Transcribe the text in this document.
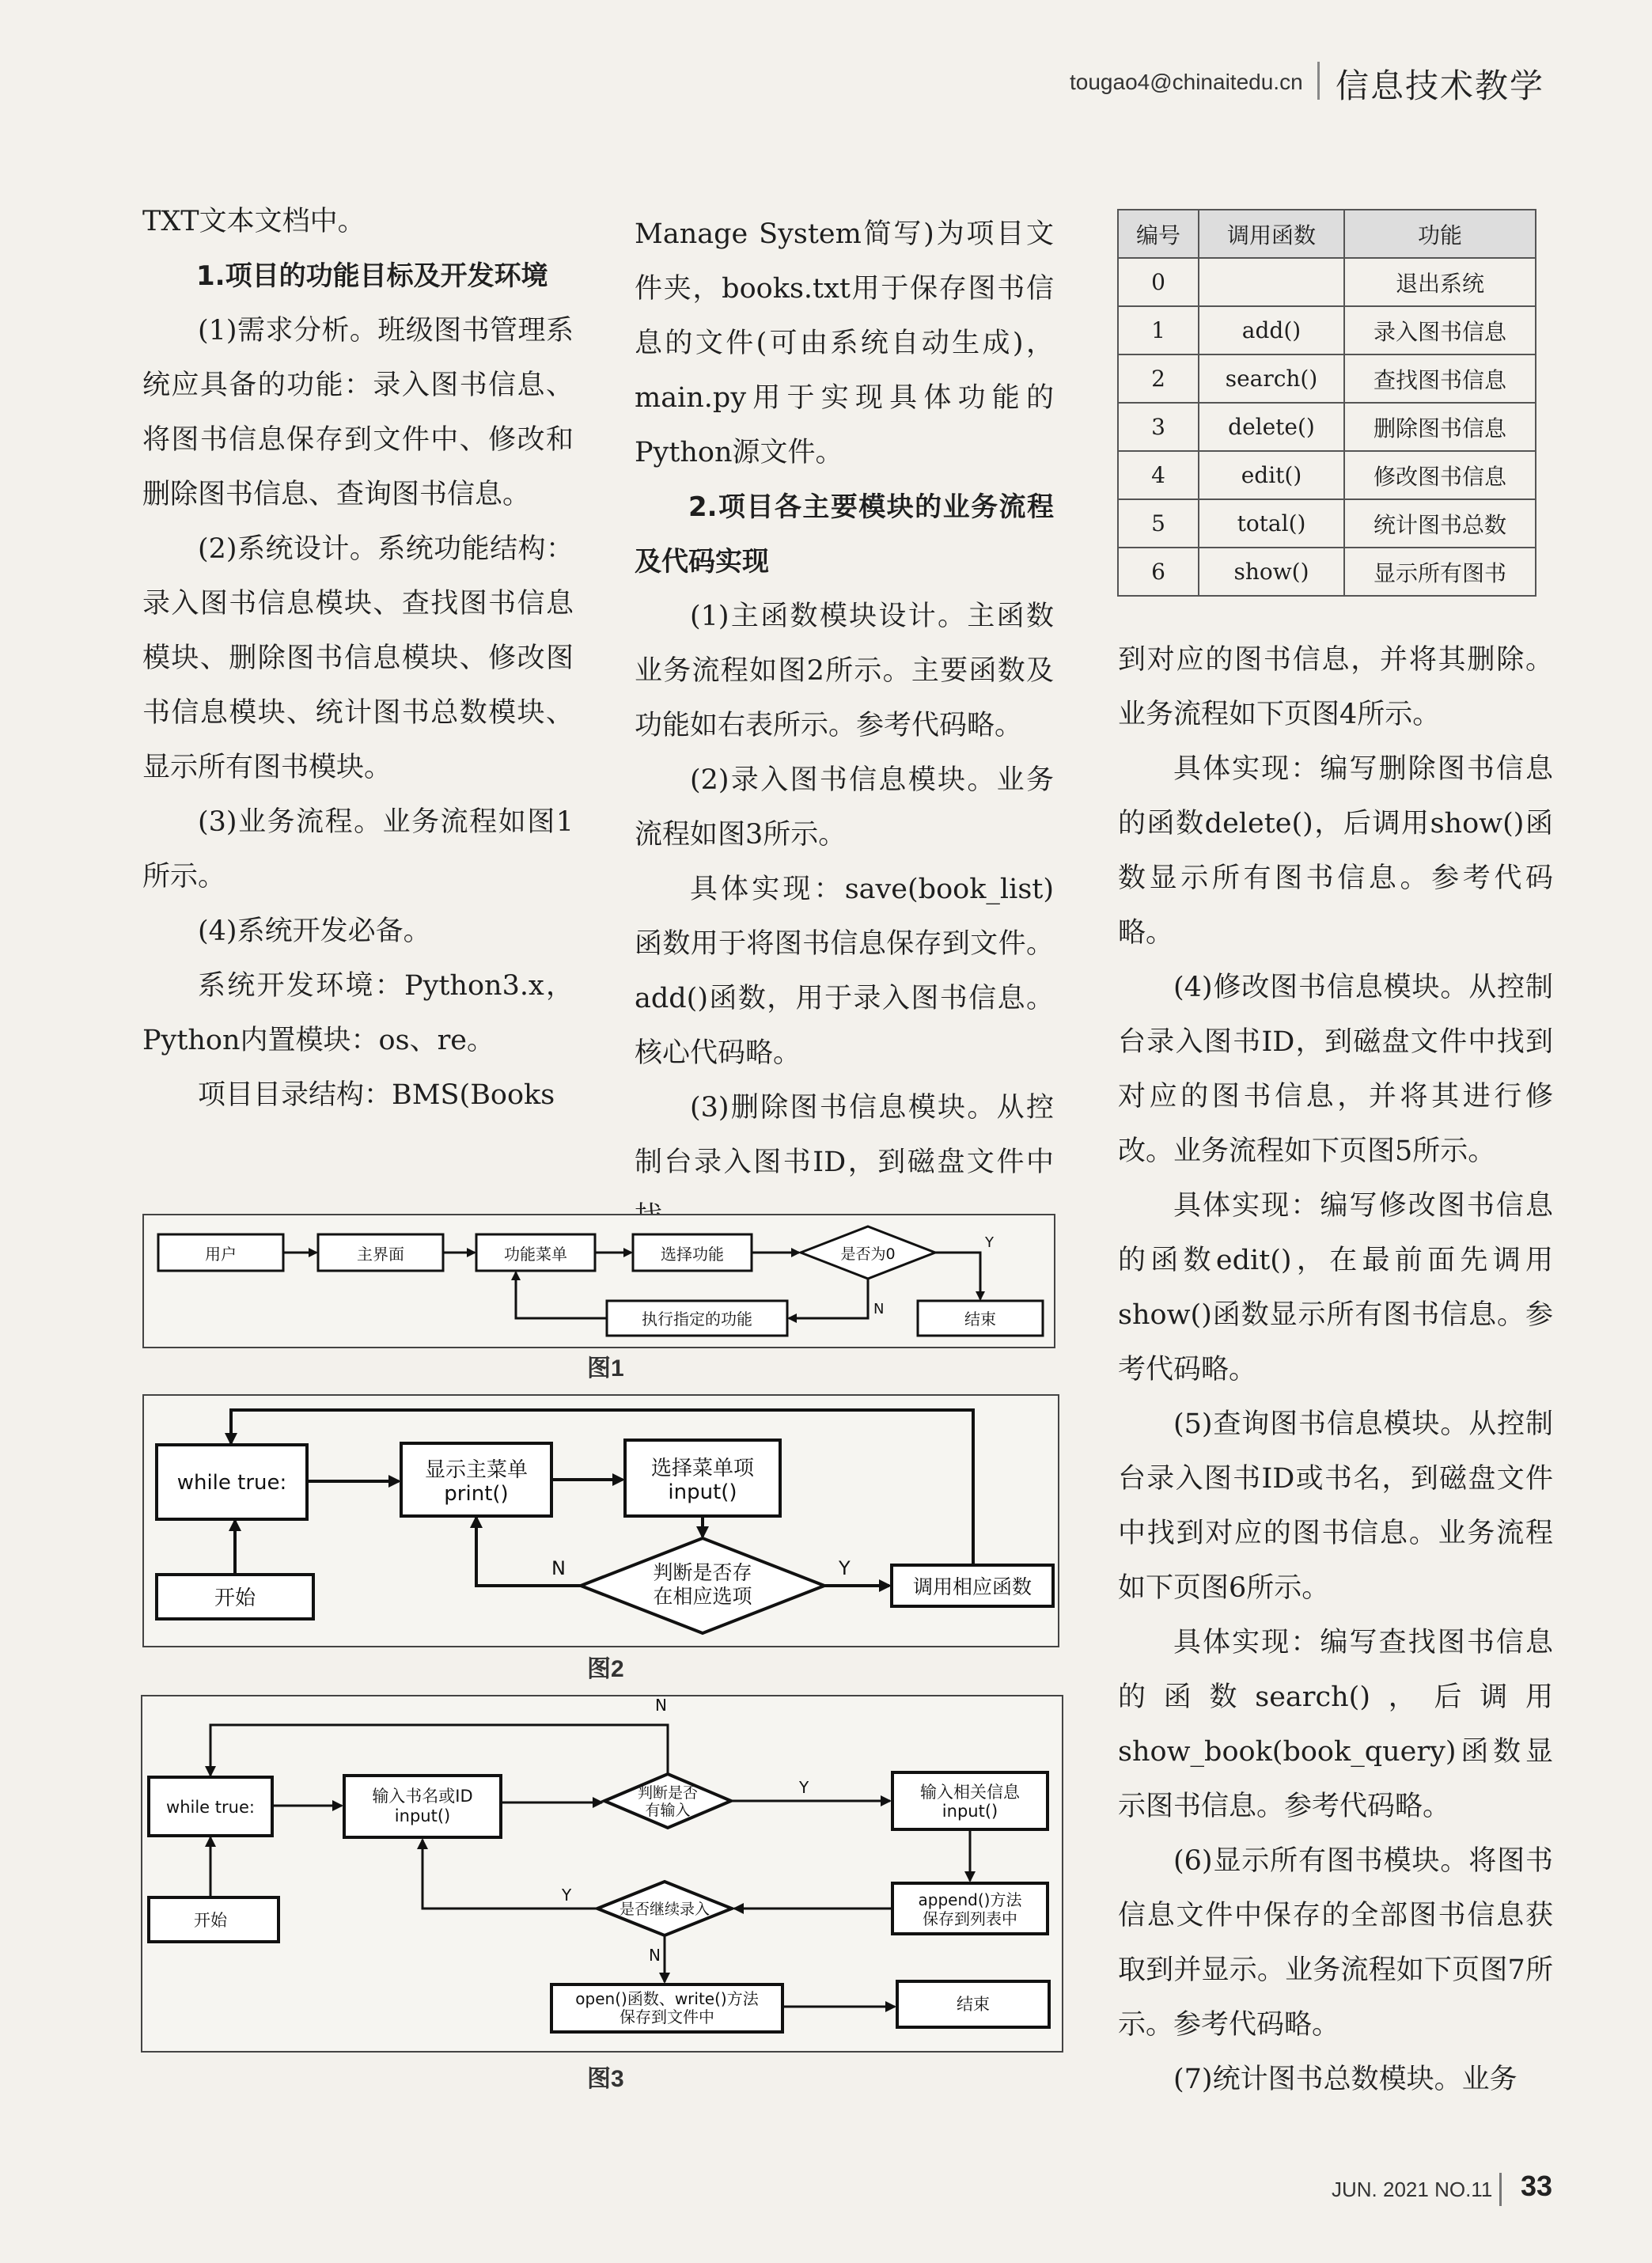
tougao4@chinaitedu.cn 信息技术教学

TXT文本文档中。

1.项目的功能目标及开发环境

(1)需求分析。班级图书管理系统应具备的功能：录入图书信息、将图书信息保存到文件中、修改和删除图书信息、查询图书信息。

(2)系统设计。系统功能结构：录入图书信息模块、查找图书信息模块、删除图书信息模块、修改图书信息模块、统计图书总数模块、显示所有图书模块。

(3)业务流程。业务流程如图1所示。

(4)系统开发必备。

系统开发环境：Python3.x，Python内置模块：os、re。

项目目录结构：BMS(Books

Manage System简写)为项目文件夹，books.txt用于保存图书信息的文件(可由系统自动生成)，main.py用于实现具体功能的Python源文件。

2.项目各主要模块的业务流程及代码实现

(1)主函数模块设计。主函数业务流程如图2所示。主要函数及功能如右表所示。参考代码略。

(2)录入图书信息模块。业务流程如图3所示。

具体实现：save(book_list)函数用于将图书信息保存到文件。add()函数，用于录入图书信息。核心代码略。

(3)删除图书信息模块。从控制台录入图书ID，到磁盘文件中

编号	调用函数	功能
0		退出系统
1	add()	录入图书信息
2	search()	查找图书信息
3	delete()	删除图书信息
4	edit()	修改图书信息
5	total()	统计图书总数
6	show()	显示所有图书

到对应的图书信息，并将其删除。业务流程如下页图4所示。

具体实现：编写删除图书信息的函数delete()，后调用show()函数显示所有图书信息。参考代码略。

(4)修改图书信息模块。从控制台录入图书ID，到磁盘文件中找到对应的图书信息，并将其进行修改。业务流程如下页图5所示。

具体实现：编写修改图书信息的函数edit()，在最前面先调用show()函数显示所有图书信息。参考代码略。

(5)查询图书信息模块。从控制台录入图书ID或书名，到磁盘文件中找到对应的图书信息。业务流程如下页图6所示。

具体实现：编写查找图书信息的函数search()，后调用show_book(book_query)函数显示图书信息。参考代码略。

(6)显示所有图书模块。将图书信息文件中保存的全部图书信息获取到并显示。业务流程如下页图7所示。参考代码略。

(7)统计图书总数模块。业务

用户	主界面	功能菜单	选择功能	是否为0
结束
执行指定的功能
Y
N
图1
while true:
开始
显示主菜单
print()
选择菜单项
input()
判断是否存
在相应选项	调用相应函数
N	Y
图2
while true:
开始
输入书名或ID
input()
判断是否
有输入
输入相关信息
input()
append()方法
保存到列表中
是否继续录入
open()函数、write()方法
保存到文件中
结束
N
Y
Y
N
图3
JUN. 2021 NO.11 33
